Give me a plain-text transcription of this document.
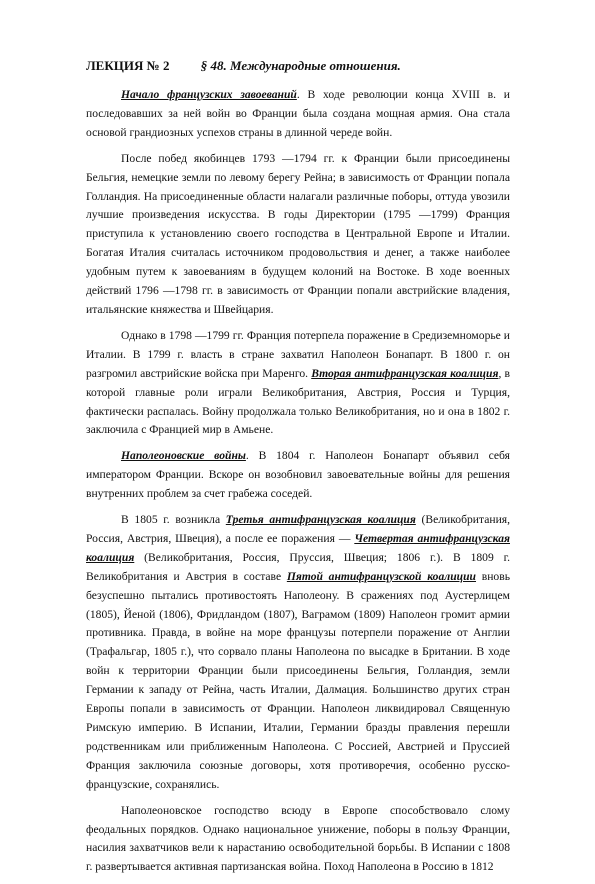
ЛЕКЦИЯ № 2 § 48. Международные отношения.

Начало французских завоеваний. В ходе революции конца XVIII в. и последовавших за ней войн во Франции была создана мощная армия. Она стала основой грандиозных успехов страны в длинной череде войн.

После побед якобинцев 1793 —1794 гг. к Франции были присоединены Бельгия, немецкие земли по левому берегу Рейна; в зависимость от Франции попала Голландия. На присоединенные области налагали различные поборы, оттуда увозили лучшие произведения искусства. В годы Директории (1795 —1799) Франция приступила к установлению своего господства в Центральной Европе и Италии. Богатая Италия считалась источником продовольствия и денег, а также наиболее удобным путем к завоеваниям в будущем колоний на Востоке. В ходе военных действий 1796 —1798 гг. в зависимость от Франции попали австрийские владения, итальянские княжества и Швейцария.

Однако в 1798 —1799 гг. Франция потерпела поражение в Средиземноморье и Италии. В 1799 г. власть в стране захватил Наполеон Бонапарт. В 1800 г. он разгромил австрийские войска при Маренго. Вторая антифранцузская коалиция, в которой главные роли играли Великобритания, Австрия, Россия и Турция, фактически распалась. Войну продолжала только Великобритания, но и она в 1802 г. заключила с Францией мир в Амьене.

Наполеоновские войны. В 1804 г. Наполеон Бонапарт объявил себя императором Франции. Вскоре он возобновил завоевательные войны для решения внутренних проблем за счет грабежа соседей.

В 1805 г. возникла Третья антифранцузская коалиция (Великобритания, Россия, Австрия, Швеция), а после ее поражения — Четвертая антифранцузская коалиция (Великобритания, Россия, Пруссия, Швеция; 1806 г.). В 1809 г. Великобритания и Австрия в составе Пятой антифранцузской коалиции вновь безуспешно пытались противостоять Наполеону. В сражениях под Аустерлицем (1805), Йеной (1806), Фридландом (1807), Ваграмом (1809) Наполеон громит армии противника. Правда, в войне на море французы потерпели поражение от Англии (Трафальгар, 1805 г.), что сорвало планы Наполеона по высадке в Британии. В ходе войн к территории Франции были присоединены Бельгия, Голландия, земли Германии к западу от Рейна, часть Италии, Далмация. Большинство других стран Европы попали в зависимость от Франции. Наполеон ликвидировал Священную Римскую империю. В Испании, Италии, Германии бразды правления перешли родственникам или приближенным Наполеона. С Россией, Австрией и Пруссией Франция заключила союзные договоры, хотя противоречия, особенно русско-французские, сохранялись.

Наполеоновское господство всюду в Европе способствовало слому феодальных порядков. Однако национальное унижение, поборы в пользу Франции, насилия захватчиков вели к нарастанию освободительной борьбы. В Испании с 1808 г. развертывается активная партизанская война. Поход Наполеона в Россию в 1812
